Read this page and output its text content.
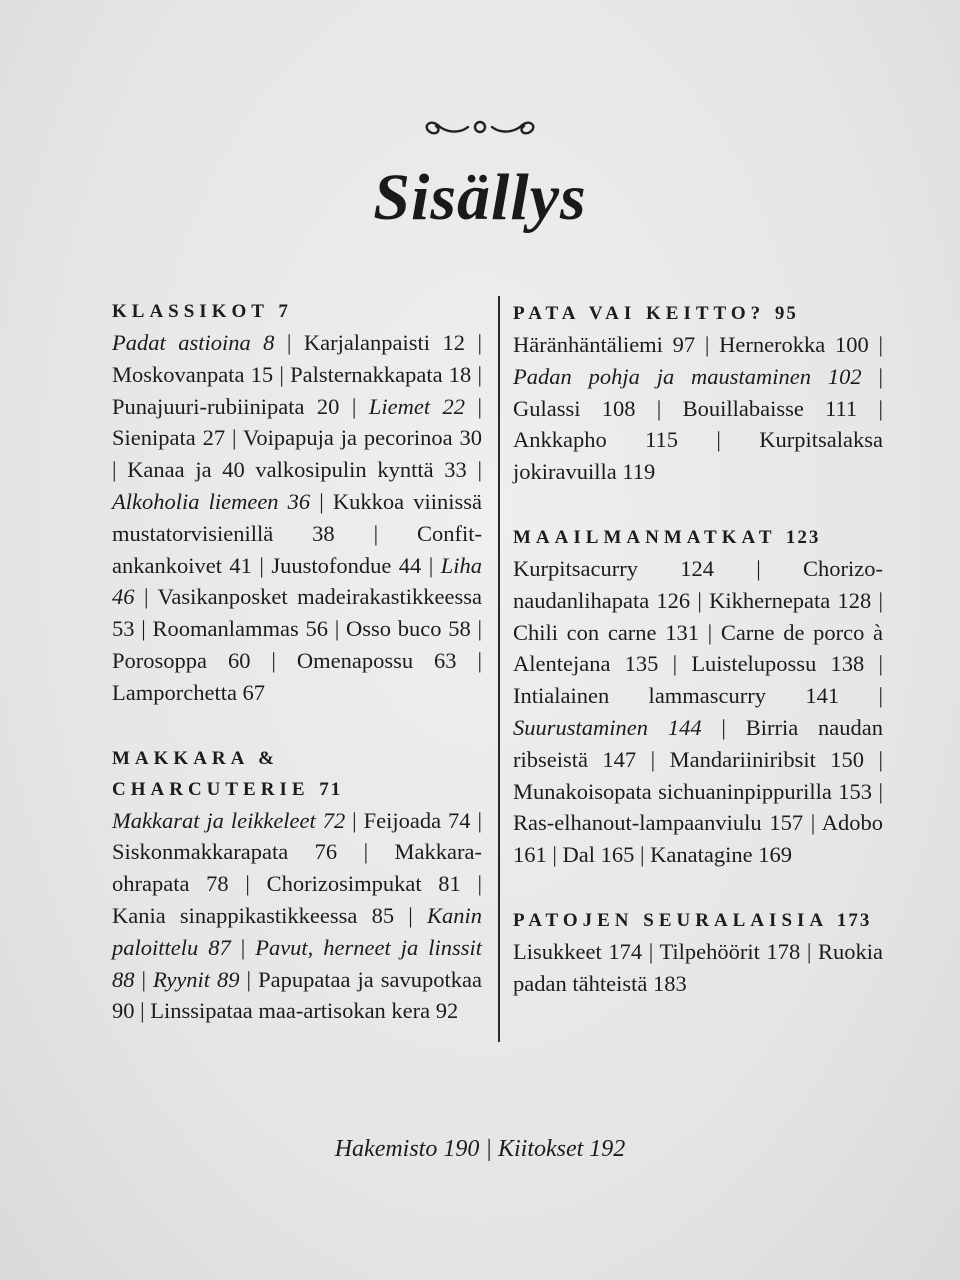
Sisällys
KLASSIKOT 7
Padat astioina 8 | Karjalanpaisti 12 | Moskovanpata 15 | Palsternakkapata 18 | Punajuuri-rubiinipata 20 | Liemet 22 | Sienipata 27 | Voipapuja ja pecorinoa 30 | Kanaa ja 40 valkosipulin kynttä 33 | Alkoholia liemeen 36 | Kukkoa viinissä mustatorvisienillä 38 | Confit-ankankoivet 41 | Juustofondue 44 | Liha 46 | Vasikanposket madeirakastikkeessa 53 | Roomanlammas 56 | Osso buco 58 | Porosoppa 60 | Omenapossu 63 | Lamporchetta 67
MAKKARA & CHARCUTERIE 71
Makkarat ja leikkeleet 72 | Feijoada 74 | Siskonmakkarapata 76 | Makkara-ohrapata 78 | Chorizosimpukat 81 | Kania sinappikastikkeessa 85 | Kanin paloittelu 87 | Pavut, herneet ja linssit 88 | Ryynit 89 | Papupataa ja savupotkaa 90 | Linssipataa maa-artisokan kera 92
PATA VAI KEITTO? 95
Häränhäntäliemi 97 | Hernerokka 100 | Padan pohja ja maustaminen 102 | Gulassi 108 | Bouillabaisse 111 | Ankkapho 115 | Kurpitsalaksa jokiravuilla 119
MAAILMANMATKAT 123
Kurpitsacurry 124 | Chorizo-naudanlihapata 126 | Kikhernepata 128 | Chili con carne 131 | Carne de porco à Alentejana 135 | Luistelupossu 138 | Intialainen lammascurry 141 | Suurustaminen 144 | Birria naudan ribseistä 147 | Mandariiniribsit 150 | Munakoisopata sichuaninpippurilla 153 | Ras-elhanout-lampaanviulu 157 | Adobo 161 | Dal 165 | Kanatagine 169
PATOJEN SEURALAISIA 173
Lisukkeet 174 | Tilpehöörit 178 | Ruokia padan tähteistä 183
Hakemisto 190 | Kiitokset 192
